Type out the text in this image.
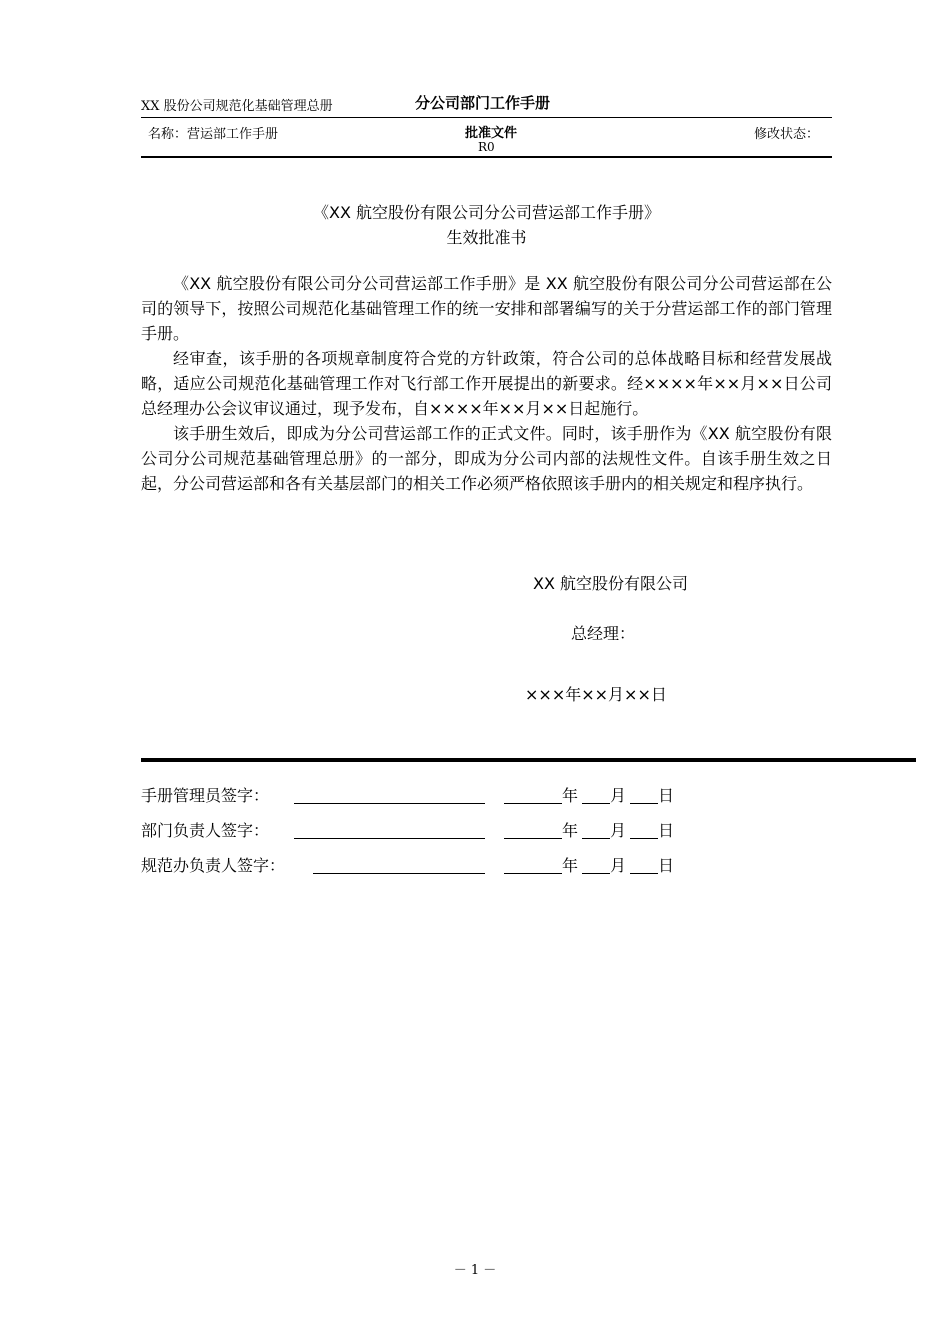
XX 股份公司规范化基础管理总册	分公司部门工作手册
名称：营运部工作手册	批准文件
R0
修改状态：
《XX 航空股份有限公司分公司营运部工作手册》
生效批准书

《XX 航空股份有限公司分公司营运部工作手册》是 XX 航空股份有限公司分公司营运部在公司的领导下，按照公司规范化基础管理工作的统一安排和部署编写的关于分营运部工作的部门管理手册。

经审查，该手册的各项规章制度符合党的方针政策，符合公司的总体战略目标和经营发展战略，适应公司规范化基础管理工作对飞行部工作开展提出的新要求。经××××年××月××日公司总经理办公会议审议通过，现予发布，自××××年××月××日起施行。

该手册生效后，即成为分公司营运部工作的正式文件。同时，该手册作为《XX 航空股份有限公司分公司规范基础管理总册》的一部分，即成为分公司内部的法规性文件。自该手册生效之日起，分公司营运部和各有关基层部门的相关工作必须严格依照该手册内的相关规定和程序执行。

XX 航空股份有限公司
总经理：
×××年××月××日
手册管理员签字：	年 月 日
部门负责人签字：	年 月 日
规范办负责人签字：	年 月 日
－ 1 －
